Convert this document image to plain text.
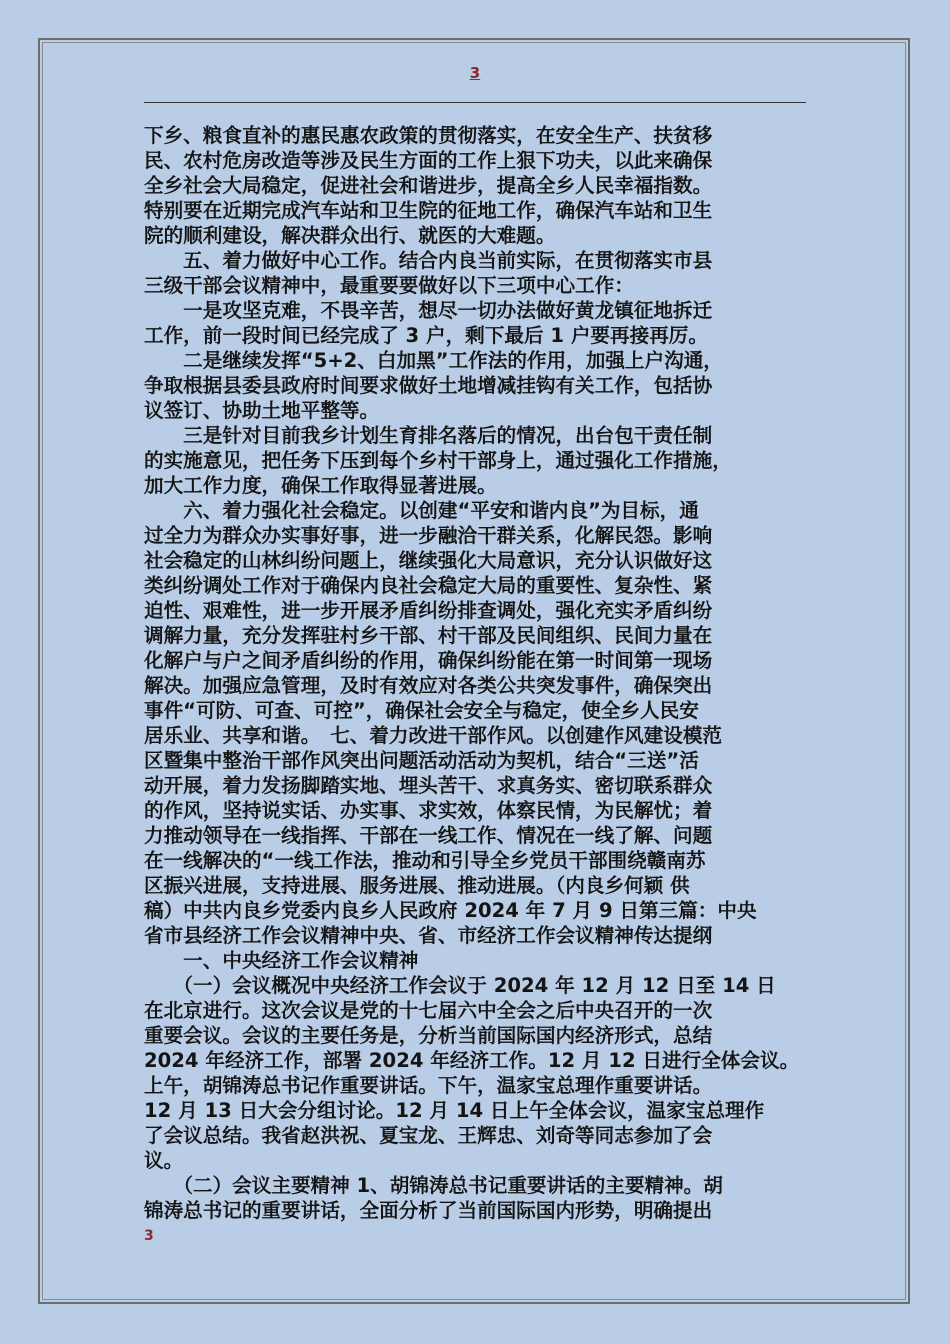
3
下乡、粮食直补的惠民惠农政策的贯彻落实，在安全生产、扶贫移
民、农村危房改造等涉及民生方面的工作上狠下功夫，以此来确保
全乡社会大局稳定，促进社会和谐进步，提高全乡人民幸福指数。
特别要在近期完成汽车站和卫生院的征地工作，确保汽车站和卫生
院的顺利建设，解决群众出行、就医的大难题。
　　五、着力做好中心工作。结合内良当前实际，在贯彻落实市县
三级干部会议精神中，最重要要做好以下三项中心工作：
　　一是攻坚克难，不畏辛苦，想尽一切办法做好黄龙镇征地拆迁
工作，前一段时间已经完成了 3 户，剩下最后 1 户要再接再厉。
　　二是继续发挥“5+2、白加黑”工作法的作用，加强上户沟通，
争取根据县委县政府时间要求做好土地增减挂钩有关工作，包括协
议签订、协助土地平整等。
　　三是针对目前我乡计划生育排名落后的情况，出台包干责任制
的实施意见，把任务下压到每个乡村干部身上，通过强化工作措施，
加大工作力度，确保工作取得显著进展。
　　六、着力强化社会稳定。以创建“平安和谐内良”为目标，通
过全力为群众办实事好事，进一步融洽干群关系，化解民怨。影响
社会稳定的山林纠纷问题上，继续强化大局意识，充分认识做好这
类纠纷调处工作对于确保内良社会稳定大局的重要性、复杂性、紧
迫性、艰难性，进一步开展矛盾纠纷排查调处，强化充实矛盾纠纷
调解力量，充分发挥驻村乡干部、村干部及民间组织、民间力量在
化解户与户之间矛盾纠纷的作用，确保纠纷能在第一时间第一现场
解决。加强应急管理，及时有效应对各类公共突发事件，确保突出
事件“可防、可查、可控”，确保社会安全与稳定，使全乡人民安
居乐业、共享和谐。　七、着力改进干部作风。以创建作风建设模范
区暨集中整治干部作风突出问题活动活动为契机，结合“三送”活
动开展，着力发扬脚踏实地、埋头苦干、求真务实、密切联系群众
的作风，坚持说实话、办实事、求实效，体察民情，为民解忧；着
力推动领导在一线指挥、干部在一线工作、情况在一线了解、问题
在一线解决的“一线工作法，推动和引导全乡党员干部围绕赣南苏
区振兴进展，支持进展、服务进展、推动进展。（内良乡何颖 供
稿）中共内良乡党委内良乡人民政府 2024 年 7 月 9 日第三篇：中央
省市县经济工作会议精神中央、省、市经济工作会议精神传达提纲
　　一、中央经济工作会议精神
　　（一）会议概况中央经济工作会议于 2024 年 12 月 12 日至 14 日
在北京进行。这次会议是党的十七届六中全会之后中央召开的一次
重要会议。会议的主要任务是，分析当前国际国内经济形式，总结
2024 年经济工作，部署 2024 年经济工作。12 月 12 日进行全体会议。
上午，胡锦涛总书记作重要讲话。下午，温家宝总理作重要讲话。
12 月 13 日大会分组讨论。12 月 14 日上午全体会议，温家宝总理作
了会议总结。我省赵洪祝、夏宝龙、王辉忠、刘奇等同志参加了会
议。
　　（二）会议主要精神 1、胡锦涛总书记重要讲话的主要精神。胡
锦涛总书记的重要讲话，全面分析了当前国际国内形势，明确提出
3
